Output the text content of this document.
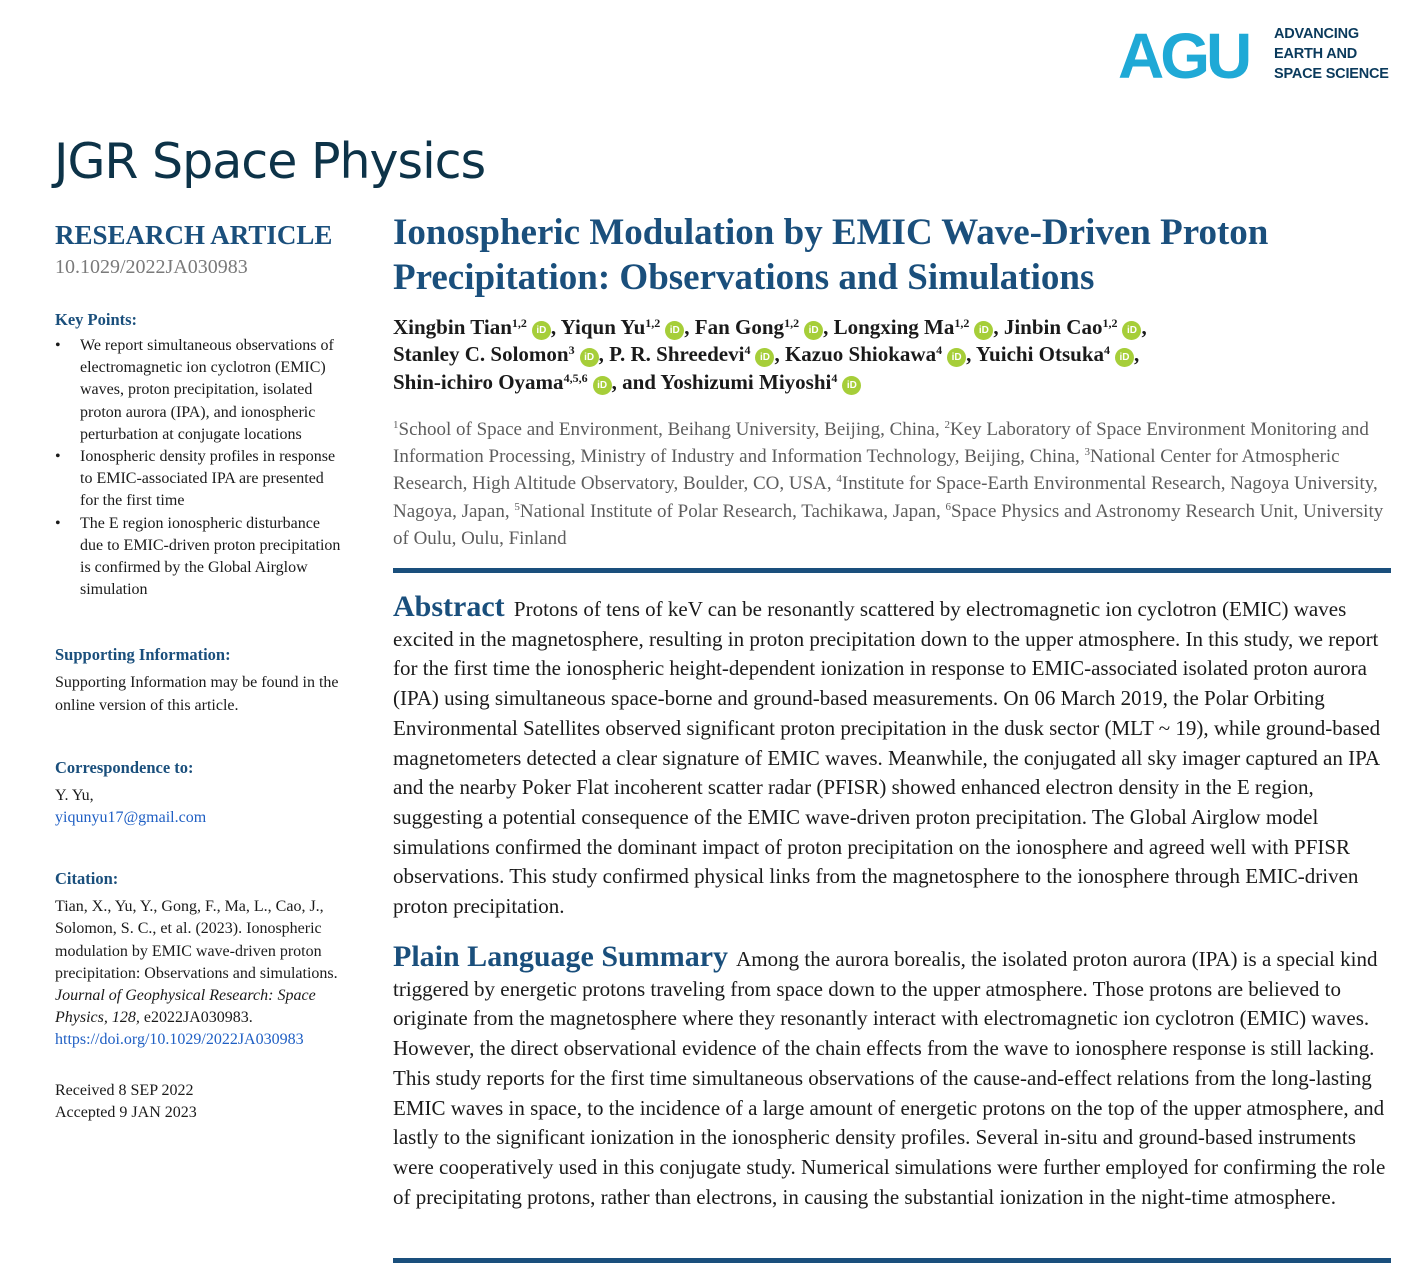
AGU ADVANCING
EARTH AND
SPACE SCIENCE
JGR Space Physics
RESEARCH ARTICLE
10.1029/2022JA030983
Key Points:
• We report simultaneous observations of electromagnetic ion cyclotron (EMIC) waves, proton precipitation, isolated proton aurora (IPA), and ionospheric perturbation at conjugate locations
• Ionospheric density profiles in response to EMIC-associated IPA are presented for the first time
• The E region ionospheric disturbance due to EMIC-driven proton precipitation is confirmed by the Global Airglow simulation
Supporting Information:
Supporting Information may be found in the online version of this article.
Correspondence to:
Y. Yu,
yiqunyu17@gmail.com
Citation:
Tian, X., Yu, Y., Gong, F., Ma, L., Cao, J., Solomon, S. C., et al. (2023). Ionospheric modulation by EMIC wave-driven proton precipitation: Observations and simulations. Journal of Geophysical Research: Space Physics, 128, e2022JA030983. https://doi.org/10.1029/2022JA030983
Received 8 SEP 2022
Accepted 9 JAN 2023
Ionospheric Modulation by EMIC Wave-Driven Proton Precipitation: Observations and Simulations
Xingbin Tian$^{1,2}$iD , Yiqun Yu$^{1,2}$iD , Fan Gong$^{1,2}$iD , Longxing Ma$^{1,2}$iD , Jinbin Cao$^{1,2}$iD ,
Stanley C. Solomon$^3$iD , P. R. Shreedevi$^4$iD , Kazuo Shiokawa$^4$iD , Yuichi Otsuka$^4$iD ,
Shin-ichiro Oyama$^{4,5,6}$iD , and Yoshizumi Miyoshi$^4$iD
$^1$School of Space and Environment, Beihang University, Beijing, China, $^2$Key Laboratory of Space Environment Monitoring and Information Processing, Ministry of Industry and Information Technology, Beijing, China, $^3$National Center for Atmospheric Research, High Altitude Observatory, Boulder, CO, USA, $^4$Institute for Space-Earth Environmental Research, Nagoya University, Nagoya, Japan, $^5$National Institute of Polar Research, Tachikawa, Japan, $^6$Space Physics and Astronomy Research Unit, University of Oulu, Oulu, Finland
Abstract Protons of tens of keV can be resonantly scattered by electromagnetic ion cyclotron (EMIC) waves excited in the magnetosphere, resulting in proton precipitation down to the upper atmosphere. In this study, we report for the first time the ionospheric height-dependent ionization in response to EMIC-associated isolated proton aurora (IPA) using simultaneous space-borne and ground-based measurements. On 06 March 2019, the Polar Orbiting Environmental Satellites observed significant proton precipitation in the dusk sector (MLT ~ 19), while ground-based magnetometers detected a clear signature of EMIC waves. Meanwhile, the conjugated all sky imager captured an IPA and the nearby Poker Flat incoherent scatter radar (PFISR) showed enhanced electron density in the E region, suggesting a potential consequence of the EMIC wave-driven proton precipitation. The Global Airglow model simulations confirmed the dominant impact of proton precipitation on the ionosphere and agreed well with PFISR observations. This study confirmed physical links from the magnetosphere to the ionosphere through EMIC-driven proton precipitation.
Plain Language Summary Among the aurora borealis, the isolated proton aurora (IPA) is a special kind triggered by energetic protons traveling from space down to the upper atmosphere. Those protons are believed to originate from the magnetosphere where they resonantly interact with electromagnetic ion cyclotron (EMIC) waves. However, the direct observational evidence of the chain effects from the wave to ionosphere response is still lacking. This study reports for the first time simultaneous observations of the cause-and-effect relations from the long-lasting EMIC waves in space, to the incidence of a large amount of energetic protons on the top of the upper atmosphere, and lastly to the significant ionization in the ionospheric density profiles. Several in-situ and ground-based instruments were cooperatively used in this conjugate study. Numerical simulations were further employed for confirming the role of precipitating protons, rather than electrons, in causing the substantial ionization in the night-time atmosphere.
